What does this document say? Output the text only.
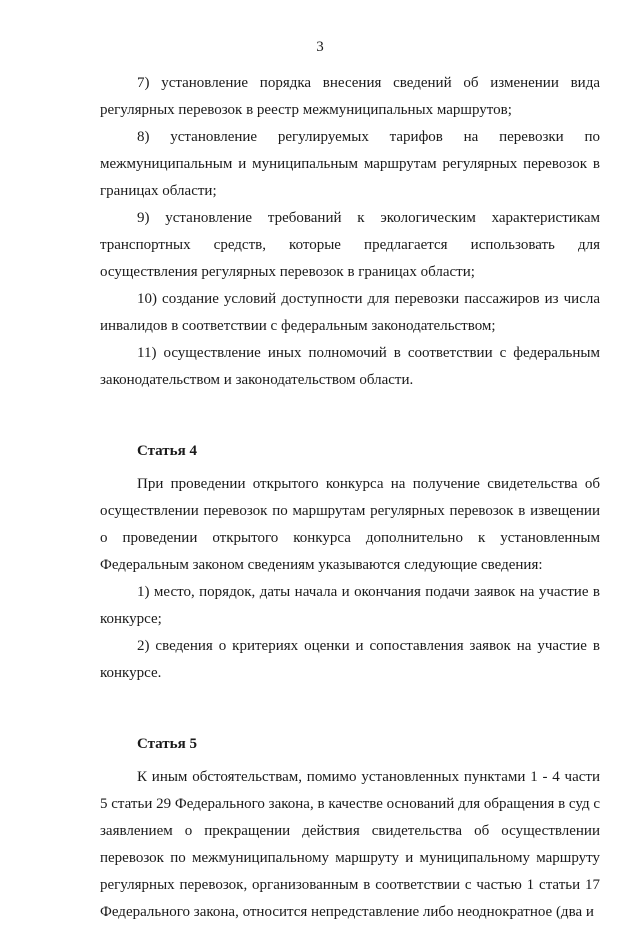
3

7) установление порядка внесения сведений об изменении вида регулярных перевозок в реестр межмуниципальных маршрутов;

8) установление регулируемых тарифов на перевозки по межмуниципальным и муниципальным маршрутам регулярных перевозок в границах области;

9) установление требований к экологическим характеристикам транспортных средств, которые предлагается использовать для осуществления регулярных перевозок в границах области;

10) создание условий доступности для перевозки пассажиров из числа инвалидов в соответствии с федеральным законодательством;

11) осуществление иных полномочий в соответствии с федеральным законодательством и законодательством области.

Статья 4

При проведении открытого конкурса на получение свидетельства об осуществлении перевозок по маршрутам регулярных перевозок в извещении о проведении открытого конкурса дополнительно к установленным Федеральным законом сведениям указываются следующие сведения:

1) место, порядок, даты начала и окончания подачи заявок на участие в конкурсе;

2) сведения о критериях оценки и сопоставления заявок на участие в конкурсе.

Статья 5

К иным обстоятельствам, помимо установленных пунктами 1 - 4 части 5 статьи 29 Федерального закона, в качестве оснований для обращения в суд с заявлением о прекращении действия свидетельства об осуществлении перевозок по межмуниципальному маршруту и муниципальному маршруту регулярных перевозок, организованным в соответствии с частью 1 статьи 17 Федерального закона, относится непредставление либо неоднократное (два и
